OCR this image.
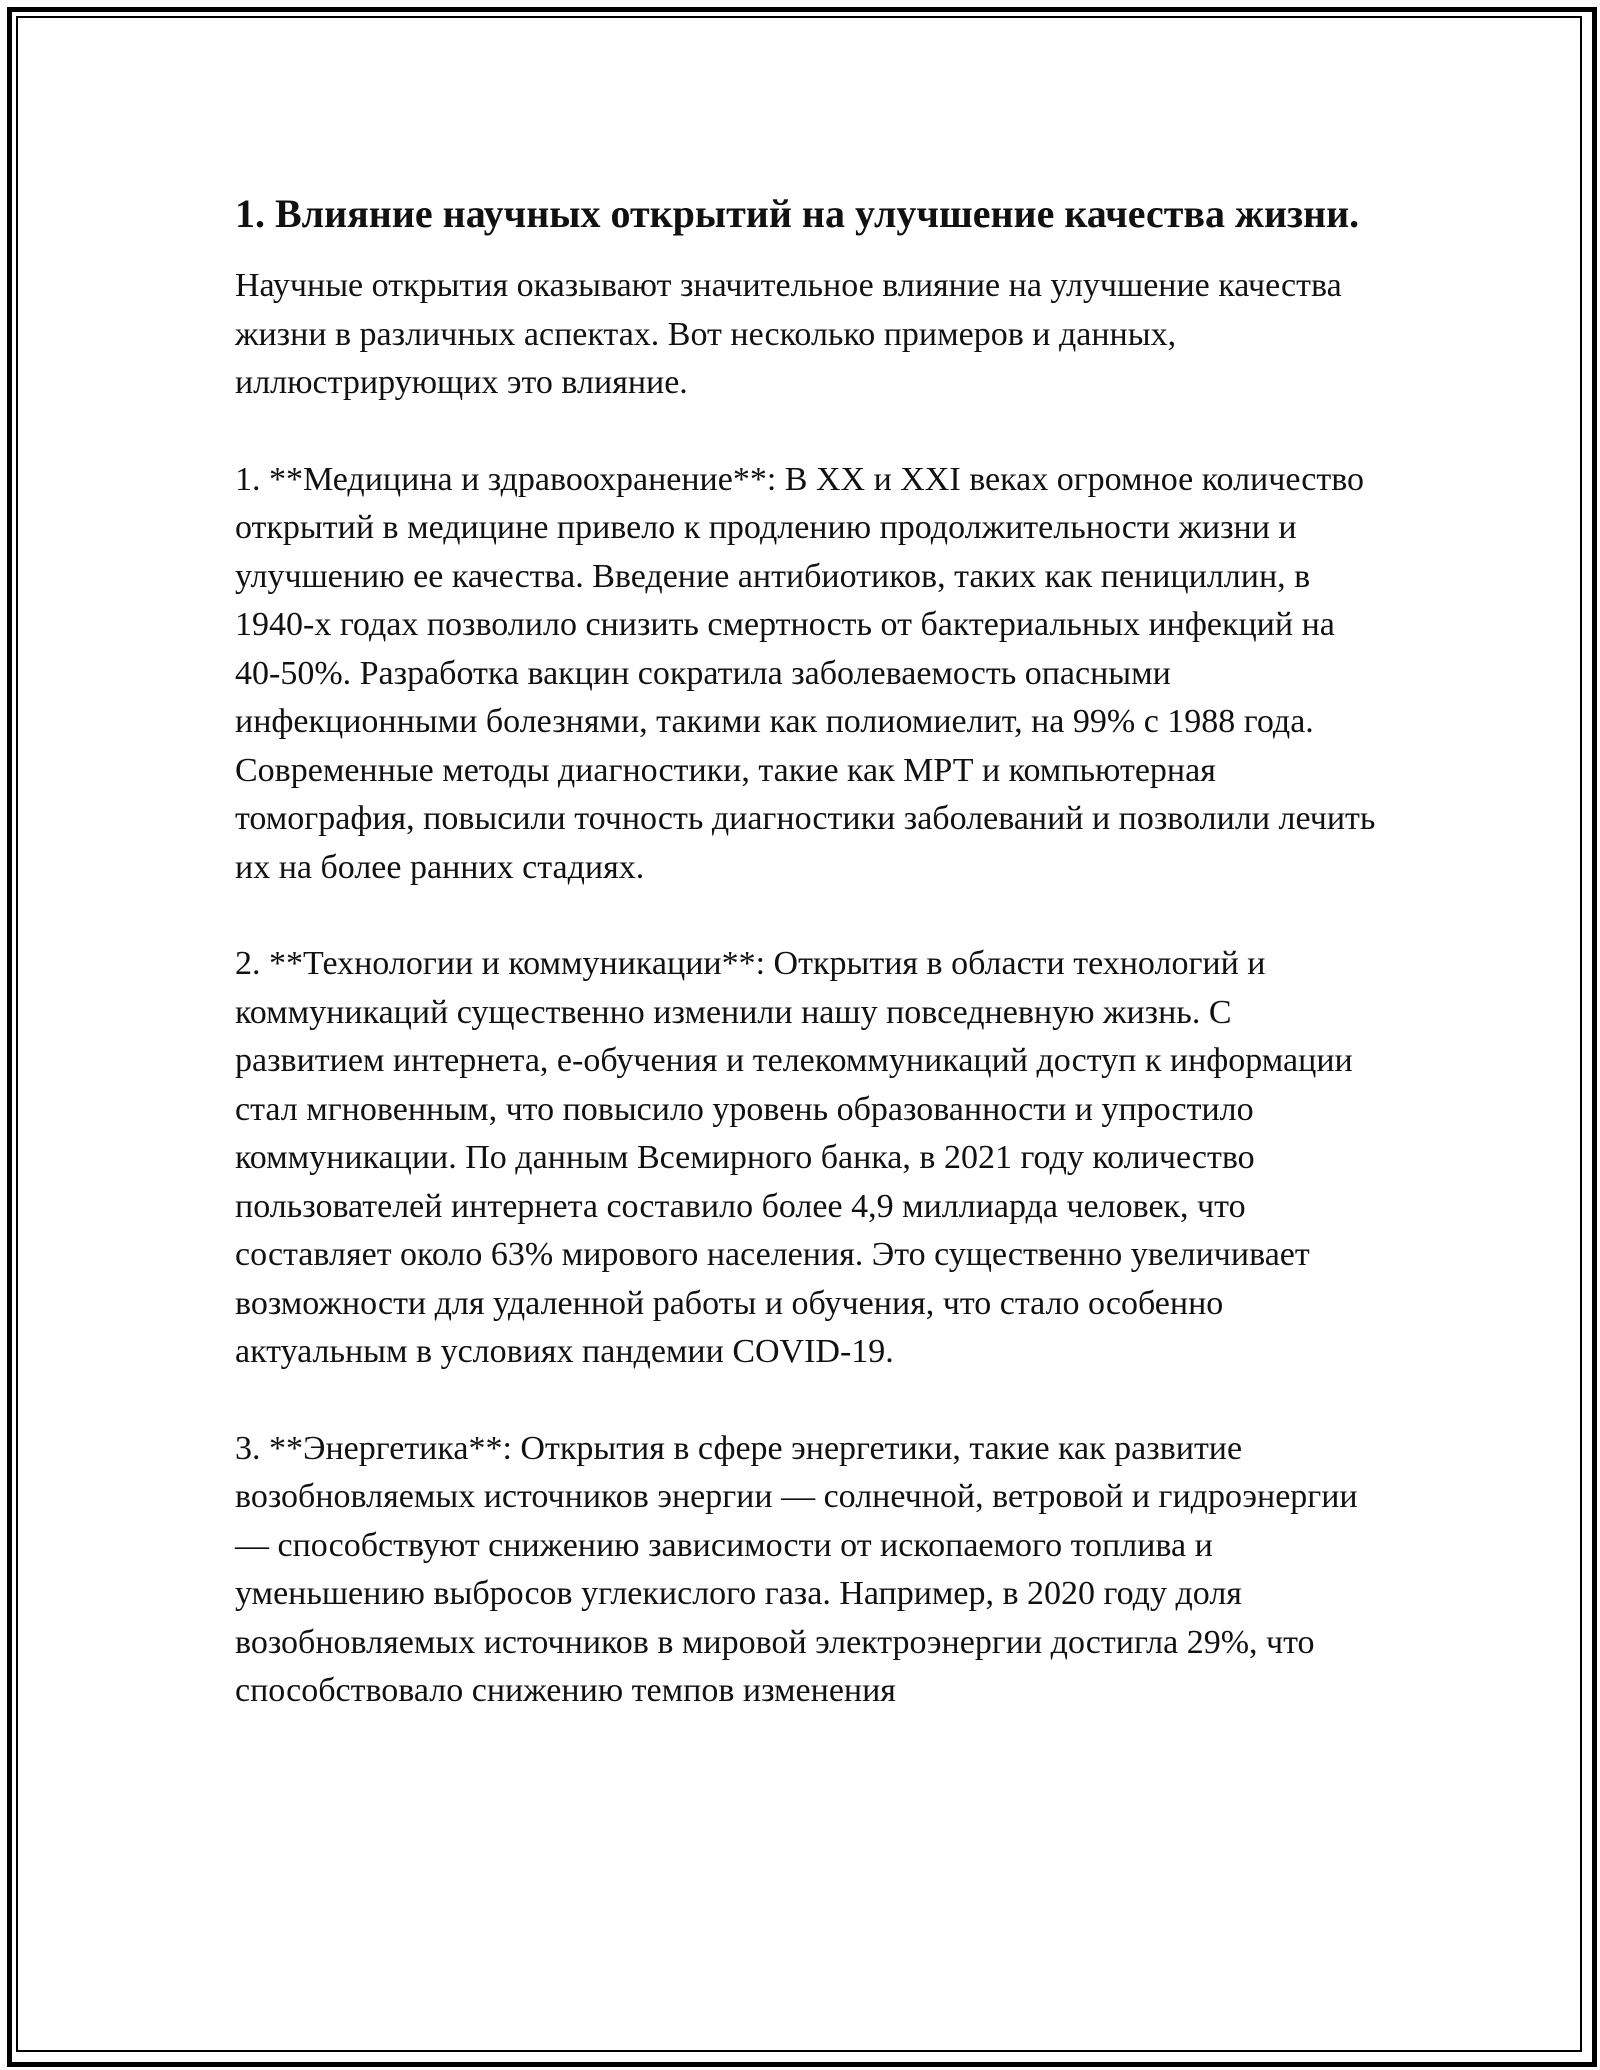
1. Влияние научных открытий на улучшение качества жизни.

Научные открытия оказывают значительное влияние на улучшение качества жизни в различных аспектах. Вот несколько примеров и данных, иллюстрирующих это влияние.

1. **Медицина и здравоохранение**: В XX и XXI веках огромное количество открытий в медицине привело к продлению продолжительности жизни и улучшению ее качества. Введение антибиотиков, таких как пенициллин, в 1940-х годах позволило снизить смертность от бактериальных инфекций на 40-50%. Разработка вакцин сократила заболеваемость опасными инфекционными болезнями, такими как полиомиелит, на 99% с 1988 года. Современные методы диагностики, такие как МРТ и компьютерная томография, повысили точность диагностики заболеваний и позволили лечить их на более ранних стадиях.

2. **Технологии и коммуникации**: Открытия в области технологий и коммуникаций существенно изменили нашу повседневную жизнь. С развитием интернета, e-обучения и телекоммуникаций доступ к информации стал мгновенным, что повысило уровень образованности и упростило коммуникации. По данным Всемирного банка, в 2021 году количество пользователей интернета составило более 4,9 миллиарда человек, что составляет около 63% мирового населения. Это существенно увеличивает возможности для удаленной работы и обучения, что стало особенно актуальным в условиях пандемии COVID-19.

3. **Энергетика**: Открытия в сфере энергетики, такие как развитие возобновляемых источников энергии — солнечной, ветровой и гидроэнергии — способствуют снижению зависимости от ископаемого топлива и уменьшению выбросов углекислого газа. Например, в 2020 году доля возобновляемых источников в мировой электроэнергии достигла 29%, что способствовало снижению темпов изменения
